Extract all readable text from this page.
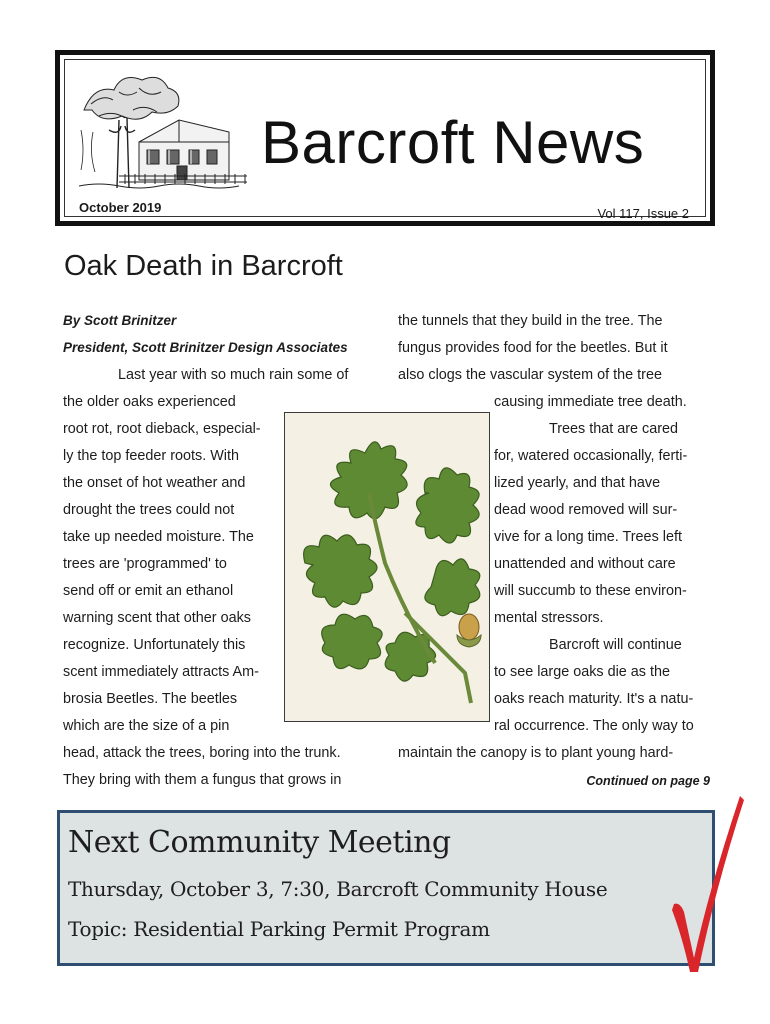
Barcroft News
October 2019	Vol 117, Issue 2
Oak Death in Barcroft
By Scott Brinitzer
President, Scott Brinitzer Design Associates
Last year with so much rain some of
the older oaks experienced
root rot, root dieback, especial-
ly the top feeder roots. With
the onset of hot weather and
drought the trees could not
take up needed moisture. The
trees are 'programmed' to
send off or emit an ethanol
warning scent that other oaks
recognize. Unfortunately this
scent immediately attracts Am-
brosia Beetles. The beetles
which are the size of a pin
head, attack the trees, boring into the trunk.
They bring with them a fungus that grows in
the tunnels that they build in the tree. The
fungus provides food for the beetles. But it
also clogs the vascular system of the tree
causing immediate tree death.
Trees that are cared
for, watered occasionally, ferti-
lized yearly, and that have
dead wood removed will sur-
vive for a long time. Trees left
unattended and without care
will succumb to these environ-
mental stressors.
Barcroft will continue
to see large oaks die as the
oaks reach maturity. It's a natu-
ral occurrence. The only way to
maintain the canopy is to plant young hard-
Continued on page 9
Next Community Meeting
Thursday, October 3, 7:30, Barcroft Community House
Topic: Residential Parking Permit Program
